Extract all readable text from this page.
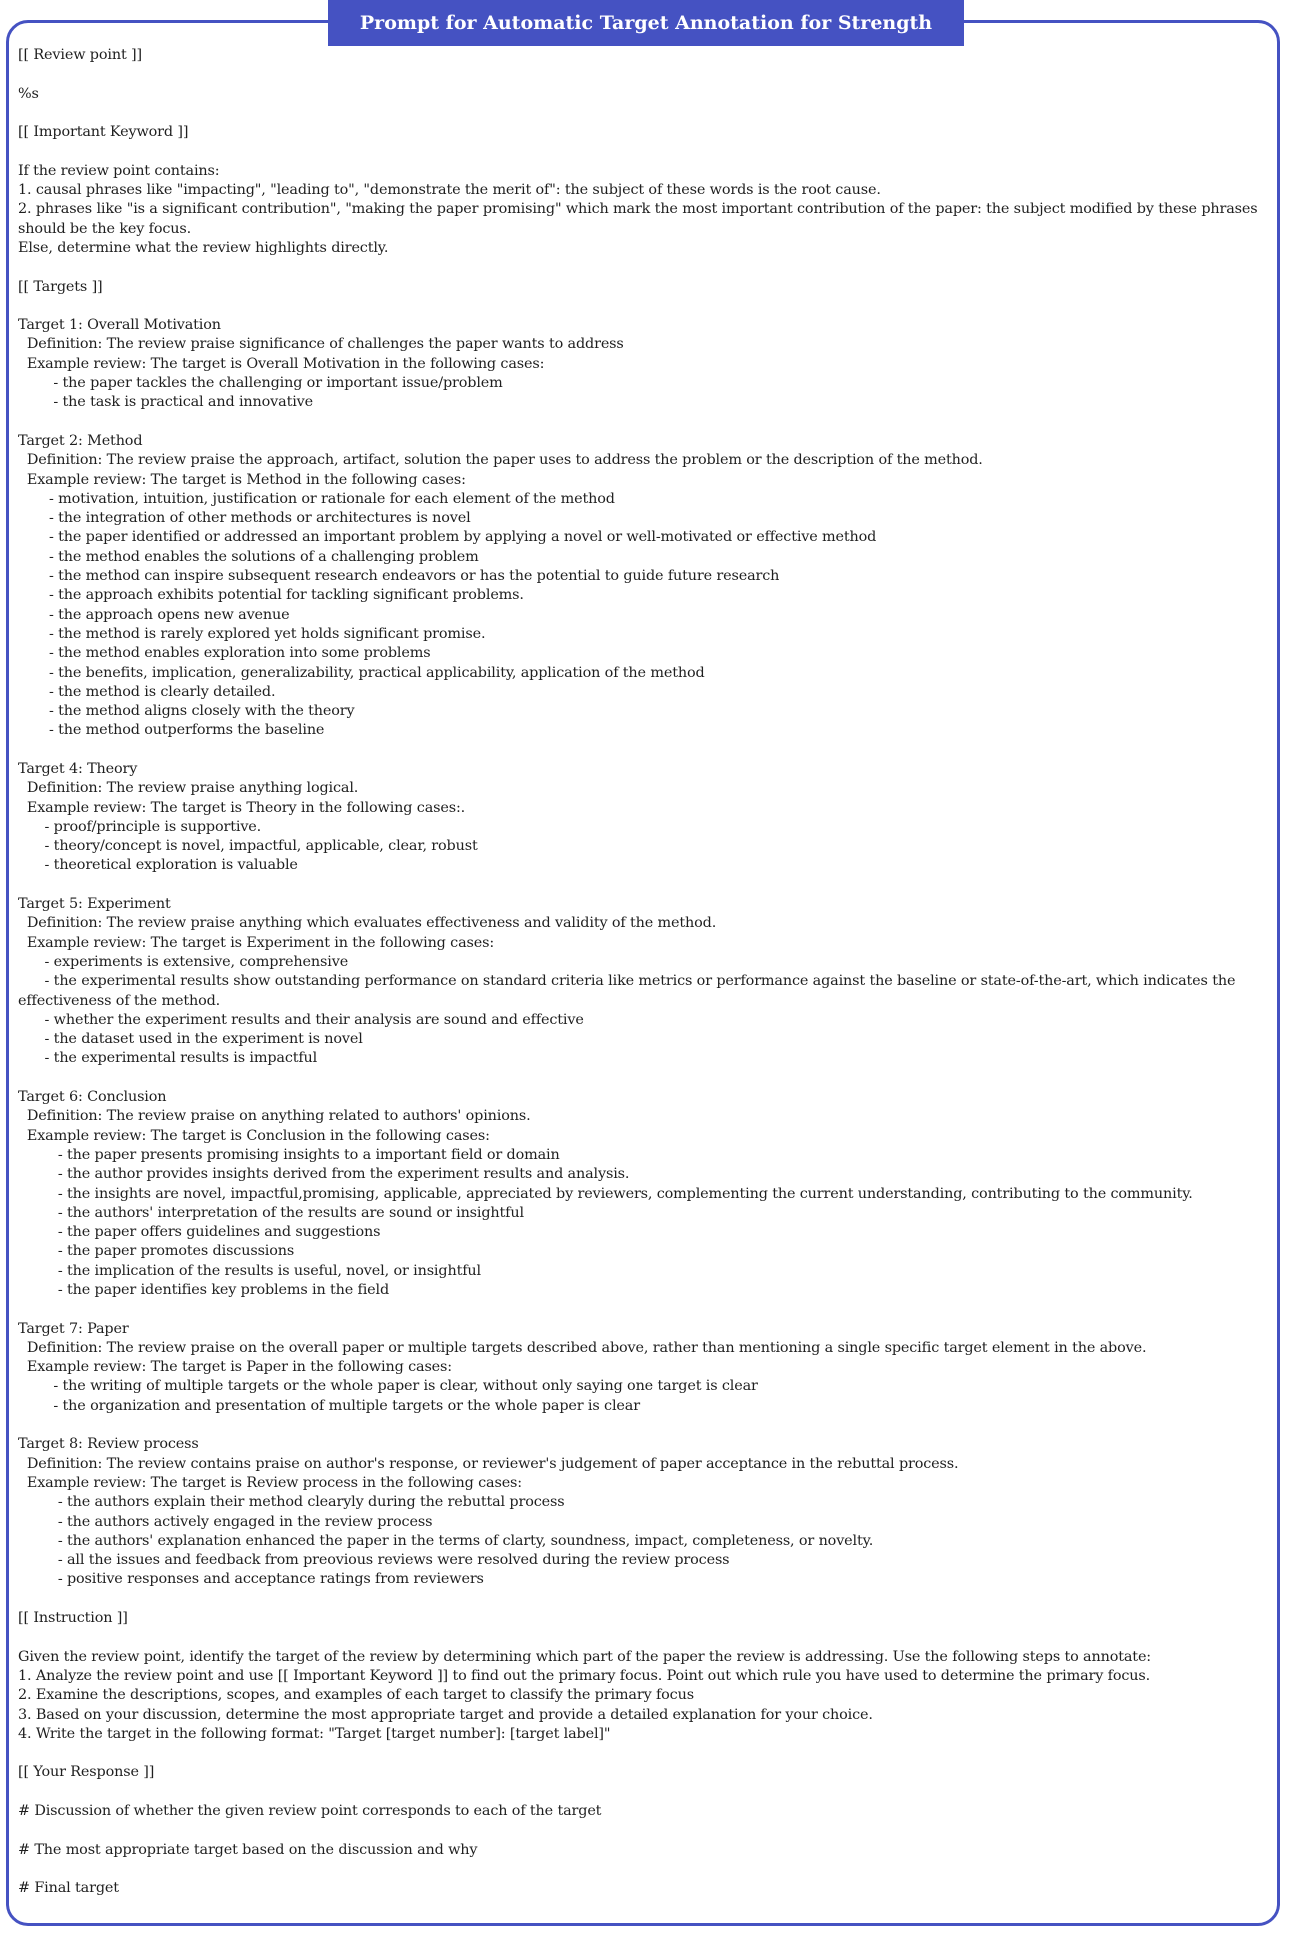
Prompt for Automatic Target Annotation for Strength
[[ Review point ]]
%s
[[ Important Keyword ]]
If the review point contains:
1. causal phrases like "impacting", "leading to", "demonstrate the merit of": the subject of these words is the root cause.
2. phrases like "is a significant contribution", "making the paper promising" which mark the most important contribution of the paper: the subject modified by these phrases should be the key focus.
Else, determine what the review highlights directly.
[[ Targets ]]
Target 1: Overall Motivation
Definition: The review praise significance of challenges the paper wants to address
Example review: The target is Overall Motivation in the following cases:
- the paper tackles the challenging or important issue/problem
- the task is practical and innovative
Target 2: Method
Definition: The review praise the approach, artifact, solution the paper uses to address the problem or the description of the method.
Example review: The target is Method in the following cases:
- motivation, intuition, justification or rationale for each element of the method
- the integration of other methods or architectures is novel
- the paper identified or addressed an important problem by applying a novel or well-motivated or effective method
- the method enables the solutions of a challenging problem
- the method can inspire subsequent research endeavors or has the potential to guide future research
- the approach exhibits potential for tackling significant problems.
- the approach opens new avenue
- the method is rarely explored yet holds significant promise.
- the method enables exploration into some problems
- the benefits, implication, generalizability, practical applicability, application of the method
- the method is clearly detailed.
- the method aligns closely with the theory
- the method outperforms the baseline
Target 4: Theory
Definition: The review praise anything logical.
Example review: The target is Theory in the following cases:.
- proof/principle is supportive.
- theory/concept is novel, impactful, applicable, clear, robust
- theoretical exploration is valuable
Target 5: Experiment
Definition: The review praise anything which evaluates effectiveness and validity of the method.
Example review: The target is Experiment in the following cases:
- experiments is extensive, comprehensive
- the experimental results show outstanding performance on standard criteria like metrics or performance against the baseline or state-of-the-art, which indicates the effectiveness of the method.
- whether the experiment results and their analysis are sound and effective
- the dataset used in the experiment is novel
- the experimental results is impactful
Target 6: Conclusion
Definition: The review praise on anything related to authors' opinions.
Example review: The target is Conclusion in the following cases:
- the paper presents promising insights to a important field or domain
- the author provides insights derived from the experiment results and analysis.
- the insights are novel, impactful,promising, applicable, appreciated by reviewers, complementing the current understanding, contributing to the community.
- the authors' interpretation of the results are sound or insightful
- the paper offers guidelines and suggestions
- the paper promotes discussions
- the implication of the results is useful, novel, or insightful
- the paper identifies key problems in the field
Target 7: Paper
Definition: The review praise on the overall paper or multiple targets described above, rather than mentioning a single specific target element in the above.
Example review: The target is Paper in the following cases:
- the writing of multiple targets or the whole paper is clear, without only saying one target is clear
- the organization and presentation of multiple targets or the whole paper is clear
Target 8: Review process
Definition: The review contains praise on author's response, or reviewer's judgement of paper acceptance in the rebuttal process.
Example review: The target is Review process in the following cases:
- the authors explain their method clearyly during the rebuttal process
- the authors actively engaged in the review process
- the authors' explanation enhanced the paper in the terms of clarty, soundness, impact, completeness, or novelty.
- all the issues and feedback from preovious reviews were resolved during the review process
- positive responses and acceptance ratings from reviewers
[[ Instruction ]]
Given the review point, identify the target of the review by determining which part of the paper the review is addressing. Use the following steps to annotate:
1. Analyze the review point and use [[ Important Keyword ]] to find out the primary focus. Point out which rule you have used to determine the primary focus.
2. Examine the descriptions, scopes, and examples of each target to classify the primary focus
3. Based on your discussion, determine the most appropriate target and provide a detailed explanation for your choice.
4. Write the target in the following format: "Target [target number]: [target label]"
[[ Your Response ]]
# Discussion of whether the given review point corresponds to each of the target
# The most appropriate target based on the discussion and why
# Final target
